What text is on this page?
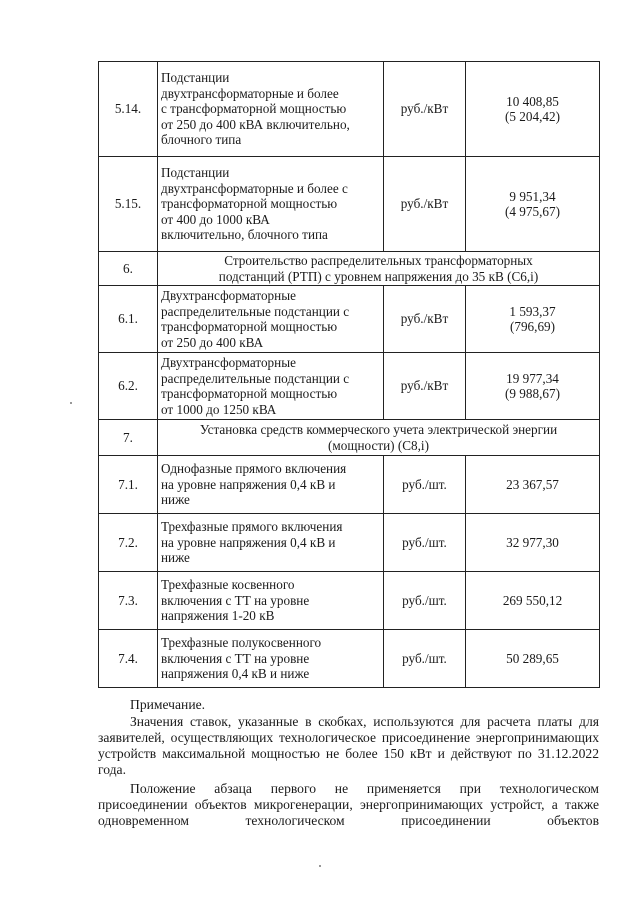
5.14.	Подстанции
двухтрансформаторные и более
с трансформаторной мощностью
от 250 до 400 кВА включительно,
блочного типа	руб./кВт	10 408,85
(5 204,42)

5.15.	Подстанции
двухтрансформаторные и более с
трансформаторной мощностью
от 400 до 1000 кВА
включительно, блочного типа	руб./кВт	9 951,34
(4 975,67)

6.	Строительство распределительных трансформаторных
подстанций (РТП) с уровнем напряжения до 35 кВ (С6,i)		

6.1.	Двухтрансформаторные
распределительные подстанции с
трансформаторной мощностью
от 250 до 400 кВА	руб./кВт	1 593,37
(796,69)

6.2.	Двухтрансформаторные
распределительные подстанции с
трансформаторной мощностью
от 1000 до 1250 кВА	руб./кВт	19 977,34
(9 988,67)

7.	Установка средств коммерческого учета электрической энергии
(мощности) (С8,i)		

7.1.	Однофазные прямого включения
на уровне напряжения 0,4 кВ и
ниже	руб./шт.	23 367,57

7.2.	Трехфазные прямого включения
на уровне напряжения 0,4 кВ и
ниже	руб./шт.	32 977,30

7.3.	Трехфазные косвенного
включения с ТТ на уровне
напряжения 1-20 кВ	руб./шт.	269 550,12

7.4.	Трехфазные полукосвенного
включения с ТТ на уровне
напряжения 0,4 кВ и ниже	руб./шт.	50 289,65

Примечание.

Значения ставок, указанные в скобках, используются для расчета платы для заявителей, осуществляющих технологическое присоединение энергопринимающих устройств максимальной мощностью не более 150 кВт и действуют по 31.12.2022 года.

Положение абзаца первого не применяется при технологическом присоединении объектов микрогенерации, энергопринимающих устройст, а также одновременном технологическом присоединении объектов
